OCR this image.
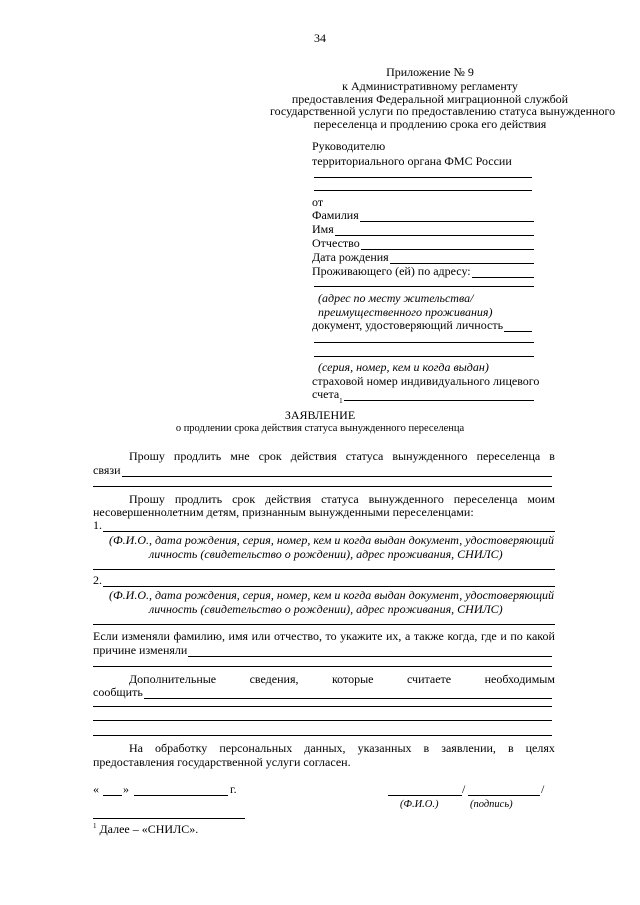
34
Приложение № 9
к Административному регламенту
предоставления Федеральной миграционной службой
государственной услуги по предоставлению статуса вынужденного
переселенца и продлению срока его действия
Руководителю
территориального органа ФМС России
от
Фамилия
Имя
Отчество
Дата рождения
Проживающего (ей) по адресу:
(адрес по месту жительства/
преимущественного проживания)
документ, удостоверяющий личность
(серия, номер, кем и когда выдан)
страховой номер индивидуального лицевого
счета 1
ЗАЯВЛЕНИЕ
о продлении срока действия статуса вынужденного переселенца
Прошу продлить мне срок действия статуса вынужденного переселенца в
связи
Прошу продлить срок действия статуса вынужденного переселенца моим
несовершеннолетним детям, признанным вынужденными переселенцами:
1.
(Ф.И.О., дата рождения, серия, номер, кем и когда выдан документ, удостоверяющий
личность (свидетельство о рождении), адрес проживания, СНИЛС)
2.
(Ф.И.О., дата рождения, серия, номер, кем и когда выдан документ, удостоверяющий
личность (свидетельство о рождении), адрес проживания, СНИЛС)
Если изменяли фамилию, имя или отчество, то укажите их, а также когда, где и по какой
причине изменяли
Дополнительные	сведения,	которые	считаете	необходимым
сообщить
На обработку персональных данных, указанных в заявлении, в целях
предоставления государственной услуги согласен.
« »	г.	/	/
(Ф.И.О.)	(подпись)
$^1$ Далее – «СНИЛС».
